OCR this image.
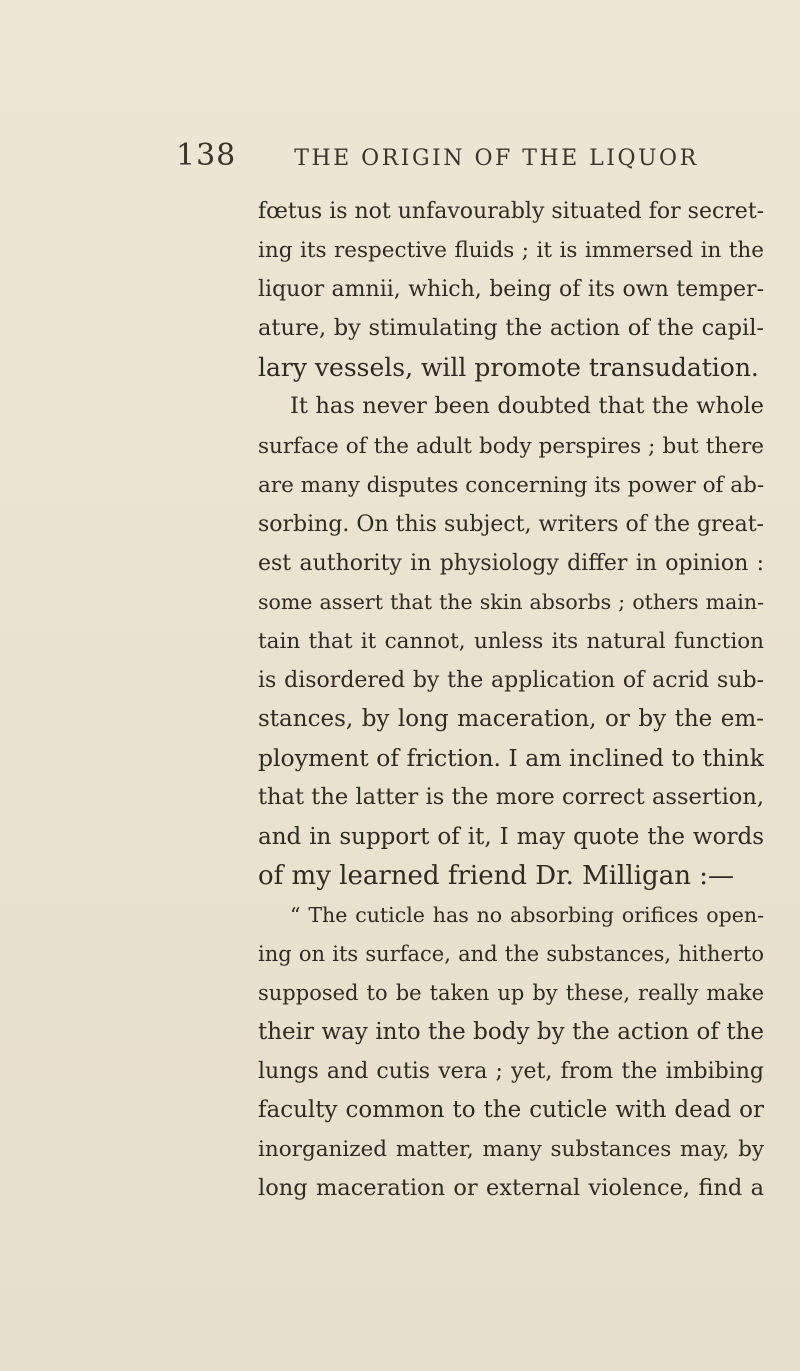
138	THE ORIGIN OF THE LIQUOR
fœtus is not unfavourably situated for secret-
ing its respective fluids ; it is immersed in the
liquor amnii, which, being of its own temper-
ature, by stimulating the action of the capil-
lary vessels, will promote transudation.
It has never been doubted that the whole
surface of the adult body perspires ; but there
are many disputes concerning its power of ab-
sorbing. On this subject, writers of the great-
est authority in physiology differ in opinion :
some assert that the skin absorbs ; others main-
tain that it cannot, unless its natural function
is disordered by the application of acrid sub-
stances, by long maceration, or by the em-
ployment of friction. I am inclined to think
that the latter is the more correct assertion,
and in support of it, I may quote the words
of my learned friend Dr. Milligan :—
“ The cuticle has no absorbing orifices open-
ing on its surface, and the substances, hitherto
supposed to be taken up by these, really make
their way into the body by the action of the
lungs and cutis vera ; yet, from the imbibing
faculty common to the cuticle with dead or
inorganized matter, many substances may, by
long maceration or external violence, find a
